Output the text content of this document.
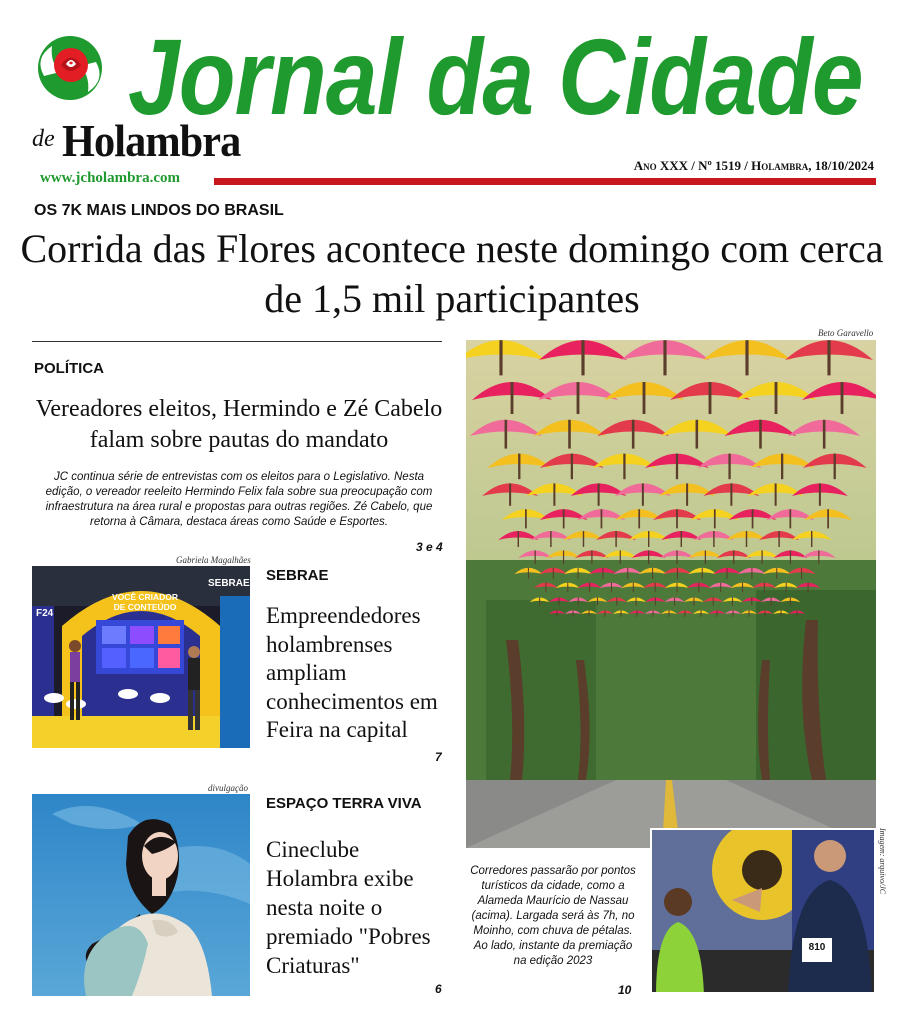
Jornal da Cidade
de Holambra
www.jcholambra.com
Ano XXX / Nº 1519 / Holambra, 18/10/2024
OS 7K MAIS LINDOS DO BRASIL
Corrida das Flores acontece neste domingo com cerca de 1,5 mil participantes
POLÍTICA
Vereadores eleitos, Hermindo e Zé Cabelo falam sobre pautas do mandato
JC continua série de entrevistas com os eleitos para o Legislativo. Nesta edição, o vereador reeleito Hermindo Felix fala sobre sua preocupação com infraestrutura na área rural e propostas para outras regiões. Zé Cabelo, que retorna à Câmara, destaca áreas como Saúde e Esportes.
3 e 4
Gabriela Magalhães
VOCÊ CRIADOR
DE CONTEÚDO
SEBRAE
F24
SEBRAE
Empreendedores holambrenses ampliam conhecimentos em Feira na capital
7
divulgação
ESPAÇO TERRA VIVA
Cineclube Holambra exibe nesta noite o premiado "Pobres Criaturas"
6
Beto Garavello
810
Imagem: arquivo/JC
Corredores passarão por pontos turísticos da cidade, como a Alameda Maurício de Nassau (acima). Largada será às 7h, no Moinho, com chuva de pétalas. Ao lado, instante da premiação na edição 2023
10
